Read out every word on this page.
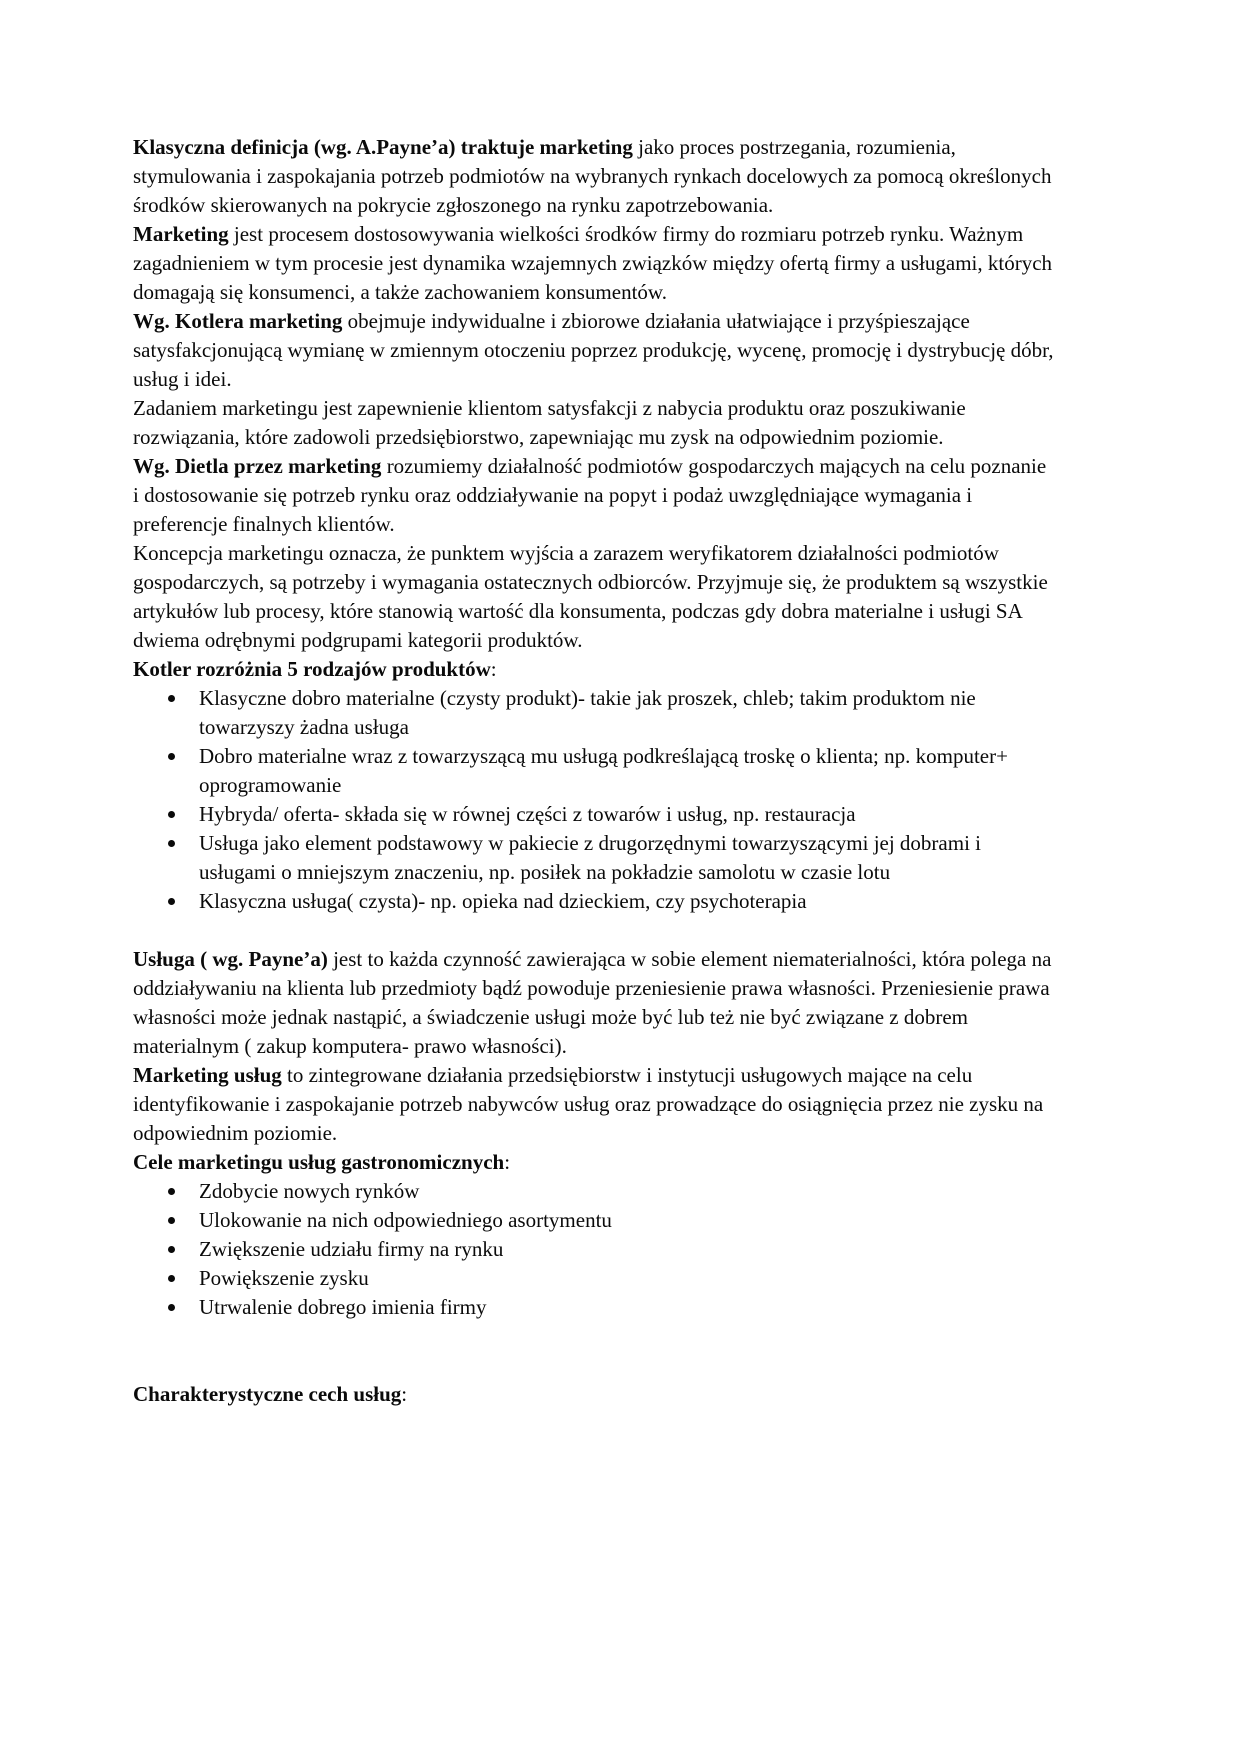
Klasyczna definicja (wg. A.Payne’a) traktuje marketing jako proces postrzegania, rozumienia, stymulowania i zaspokajania potrzeb podmiotów na wybranych rynkach docelowych za pomocą określonych środków skierowanych na pokrycie zgłoszonego na rynku zapotrzebowania.

Marketing jest procesem dostosowywania wielkości środków firmy do rozmiaru potrzeb rynku. Ważnym zagadnieniem w tym procesie jest dynamika wzajemnych związków między ofertą firmy a usługami, których domagają się konsumenci, a także zachowaniem konsumentów.

Wg. Kotlera marketing obejmuje indywidualne i zbiorowe działania ułatwiające i przyśpieszające satysfakcjonującą wymianę w zmiennym otoczeniu poprzez produkcję, wycenę, promocję i dystrybucję dóbr, usług i idei.

Zadaniem marketingu jest zapewnienie klientom satysfakcji z nabycia produktu oraz poszukiwanie rozwiązania, które zadowoli przedsiębiorstwo, zapewniając mu zysk na odpowiednim poziomie.

Wg. Dietla przez marketing rozumiemy działalność podmiotów gospodarczych mających na celu poznanie i dostosowanie się potrzeb rynku oraz oddziaływanie na popyt i podaż uwzględniające wymagania i preferencje finalnych klientów.

Koncepcja marketingu oznacza, że punktem wyjścia a zarazem weryfikatorem działalności podmiotów gospodarczych, są potrzeby i wymagania ostatecznych odbiorców. Przyjmuje się, że produktem są wszystkie artykułów lub procesy, które stanowią wartość dla konsumenta, podczas gdy dobra materialne i usługi SA dwiema odrębnymi podgrupami kategorii produktów.

Kotler rozróżnia 5 rodzajów produktów:

Klasyczne dobro materialne (czysty produkt)- takie jak proszek, chleb; takim produktom nie towarzyszy żadna usługa
Dobro materialne wraz z towarzyszącą mu usługą podkreślającą troskę o klienta; np. komputer+ oprogramowanie
Hybryda/ oferta- składa się w równej części z towarów i usług, np. restauracja
Usługa jako element podstawowy w pakiecie z drugorzędnymi towarzyszącymi jej dobrami i usługami o mniejszym znaczeniu, np. posiłek na pokładzie samolotu w czasie lotu
Klasyczna usługa( czysta)- np. opieka nad dzieckiem, czy psychoterapia

Usługa ( wg. Payne’a) jest to każda czynność zawierająca w sobie element niematerialności, która polega na oddziaływaniu na klienta lub przedmioty bądź powoduje przeniesienie prawa własności. Przeniesienie prawa własności może jednak nastąpić, a świadczenie usługi może być lub też nie być związane z dobrem materialnym ( zakup komputera- prawo własności).

Marketing usług to zintegrowane działania przedsiębiorstw i instytucji usługowych mające na celu identyfikowanie i zaspokajanie potrzeb nabywców usług oraz prowadzące do osiągnięcia przez nie zysku na odpowiednim poziomie.

Cele marketingu usług gastronomicznych:

Zdobycie nowych rynków
Ulokowanie na nich odpowiedniego asortymentu
Zwiększenie udziału firmy na rynku
Powiększenie zysku
Utrwalenie dobrego imienia firmy

Charakterystyczne cech usług:
